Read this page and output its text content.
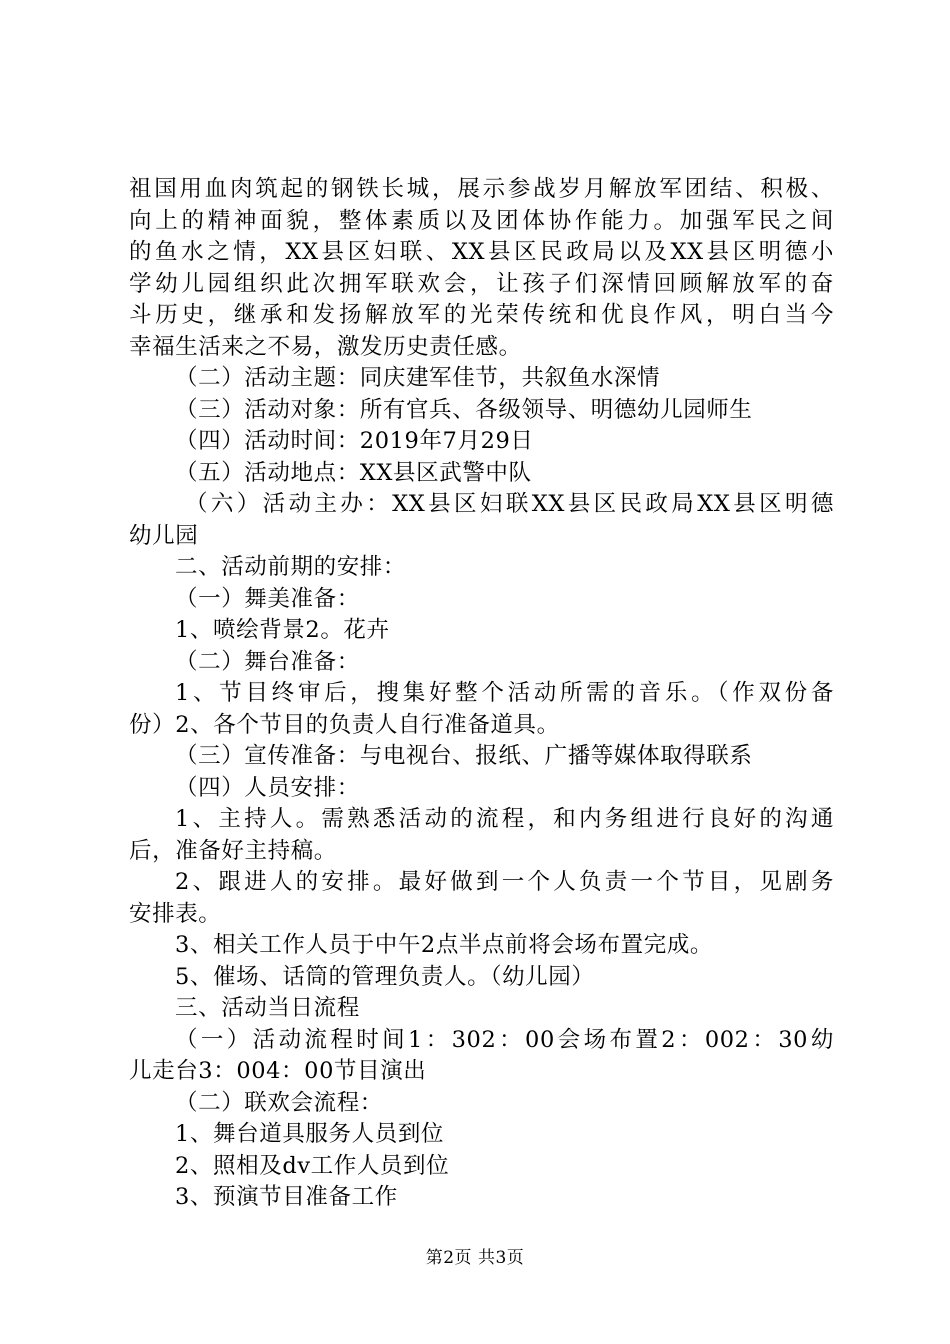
祖国用血肉筑起的钢铁长城，展示参战岁月解放军团结、积极、
向上的精神面貌，整体素质以及团体协作能力。加强军民之间
的鱼水之情，XX县区妇联、XX县区民政局以及XX县区明德小
学幼儿园组织此次拥军联欢会，让孩子们深情回顾解放军的奋
斗历史，继承和发扬解放军的光荣传统和优良作风，明白当今
幸福生活来之不易，激发历史责任感。
（二）活动主题：同庆建军佳节，共叙鱼水深情
（三）活动对象：所有官兵、各级领导、明德幼儿园师生
（四）活动时间：2019年7月29日
（五）活动地点：XX县区武警中队
（六）活动主办：XX县区妇联XX县区民政局XX县区明德
幼儿园
二、活动前期的安排：
（一）舞美准备：
1、喷绘背景2。花卉
（二）舞台准备：
1、节目终审后，搜集好整个活动所需的音乐。（作双份备
份）2、各个节目的负责人自行准备道具。
（三）宣传准备：与电视台、报纸、广播等媒体取得联系
（四）人员安排：
1、主持人。需熟悉活动的流程，和内务组进行良好的沟通
后，准备好主持稿。
2、跟进人的安排。最好做到一个人负责一个节目，见剧务
安排表。
3、相关工作人员于中午2点半点前将会场布置完成。
5、催场、话筒的管理负责人。（幼儿园）
三、活动当日流程
（一）活动流程时间1：302：00会场布置2：002：30幼
儿走台3：004：00节目演出
（二）联欢会流程：
1、舞台道具服务人员到位
2、照相及dv工作人员到位
3、预演节目准备工作
第2页 共3页
